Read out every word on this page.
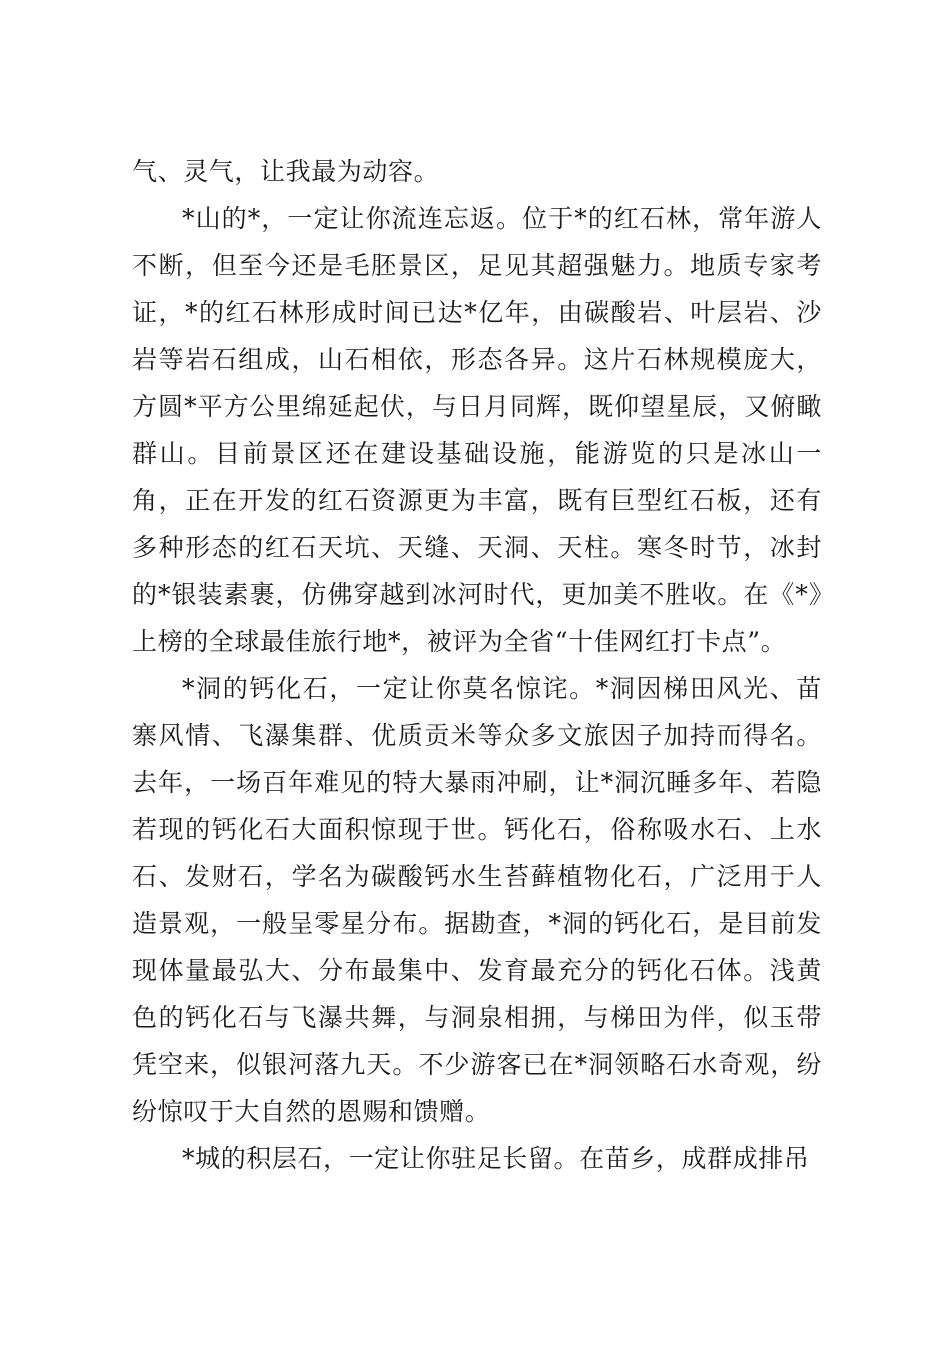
气、灵气，让我最为动容。

*山的*，一定让你流连忘返。位于*的红石林，常年游人不断，但至今还是毛胚景区，足见其超强魅力。地质专家考证，*的红石林形成时间已达*亿年，由碳酸岩、叶层岩、沙岩等岩石组成，山石相依，形态各异。这片石林规模庞大，方圆*平方公里绵延起伏，与日月同辉，既仰望星辰，又俯瞰群山。目前景区还在建设基础设施，能游览的只是冰山一角，正在开发的红石资源更为丰富，既有巨型红石板，还有多种形态的红石天坑、天缝、天洞、天柱。寒冬时节，冰封的*银装素裹，仿佛穿越到冰河时代，更加美不胜收。在《*》上榜的全球最佳旅行地*，被评为全省“十佳网红打卡点”。

*洞的钙化石，一定让你莫名惊诧。*洞因梯田风光、苗寨风情、飞瀑集群、优质贡米等众多文旅因子加持而得名。去年，一场百年难见的特大暴雨冲刷，让*洞沉睡多年、若隐若现的钙化石大面积惊现于世。钙化石，俗称吸水石、上水石、发财石，学名为碳酸钙水生苔藓植物化石，广泛用于人造景观，一般呈零星分布。据勘查，*洞的钙化石，是目前发现体量最弘大、分布最集中、发育最充分的钙化石体。浅黄色的钙化石与飞瀑共舞，与洞泉相拥，与梯田为伴，似玉带凭空来，似银河落九天。不少游客已在*洞领略石水奇观，纷纷惊叹于大自然的恩赐和馈赠。

*城的积层石，一定让你驻足长留。在苗乡，成群成排吊
